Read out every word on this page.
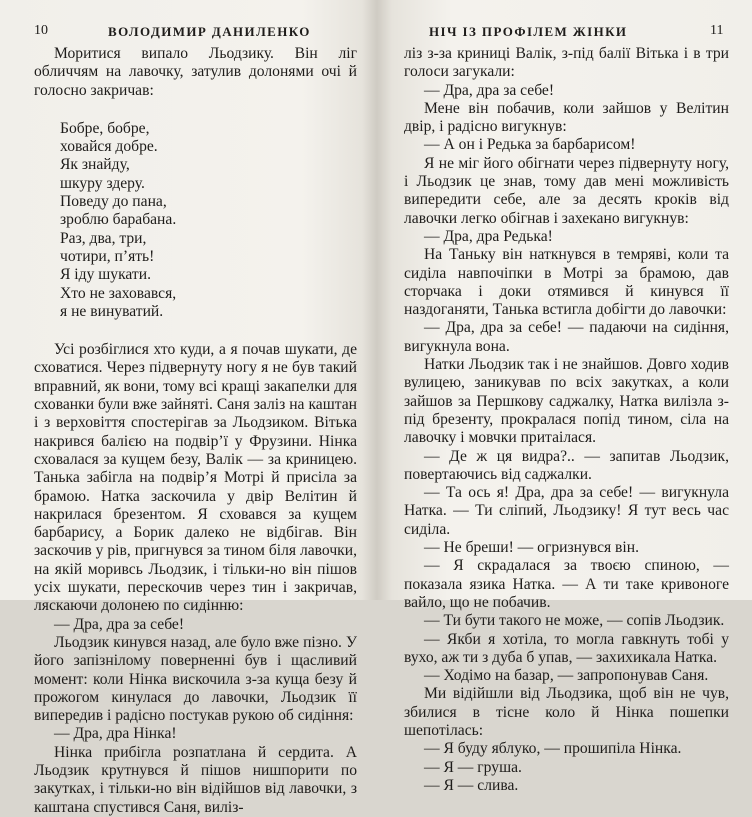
10	ВОЛОДИМИР ДАНИЛЕНКО

Моритися випало Льодзику. Він ліг обличчям на лавочку, затулив долонями очі й голосно закричав:

Бобре, бобре,
ховайся добре.
Як знайду,
шкуру здеру.
Поведу до пана,
зроблю барабана.
Раз, два, три,
чотири, п’ять!
Я іду шукати.
Хто не заховався,
я не винуватий.

Усі розбіглися хто куди, а я почав шукати, де сховатися. Через підвернуту ногу я не був такий вправний, як вони, тому всі кращі закапелки для схованки були вже зайняті. Саня заліз на каштан і з верховіття спостерігав за Льодзиком. Вітька накрився балією на подвір’ї у Фрузини. Нінка сховалася за кущем безу, Валік — за криницею. Танька забігла на подвір’я Мотрі й присіла за брамою. Натка заскочила у двір Велітин й накрилася брезентом. Я сховався за кущем барбарису, а Борик далеко не відбігав. Він заскочив у рів, пригнувся за тином біля лавочки, на якій моривсь Льодзик, і тільки-но він пішов усіх шукати, перескочив через тин і закричав, ляскаючи долонею по сидінню:

— Дра, дра за себе!

Льодзик кинувся назад, але було вже пізно. У його запізнілому поверненні був і щасливий момент: коли Нінка вискочила з-за куща безу й прожогом кинулася до лавочки, Льодзик її випередив і радісно постукав рукою об сидіння:

— Дра, дра Нінка!

Нінка прибігла розпатлана й сердита. А Льодзик крутнувся й пішов нишпорити по закутках, і тільки-но він відійшов від лавочки, з каштана спустився Саня, виліз-

НІЧ ІЗ ПРОФІЛЕМ ЖІНКИ	11

ліз з-за криниці Валік, з-під балії Вітька і в три голоси загукали:

— Дра, дра за себе!

Мене він побачив, коли зайшов у Велітин двір, і радісно вигукнув:

— А он і Редька за барбарисом!

Я не міг його обігнати через підвернуту ногу, і Льодзик це знав, тому дав мені можливість випередити себе, але за десять кроків від лавочки легко обігнав і захекано вигукнув:

— Дра, дра Редька!

На Таньку він наткнувся в темряві, коли та сиділа навпочіпки в Мотрі за брамою, дав сторчака і доки отямився й кинувся її наздоганяти, Танька встигла добігти до лавочки:

— Дра, дра за себе! — падаючи на сидіння, вигукнула вона.

Натки Льодзик так і не знайшов. Довго ходив вулицею, заникував по всіх закутках, а коли зайшов за Першкову саджалку, Натка вилізла з-під брезенту, прокралася попід тином, сіла на лавочку і мовчки притаілася.

— Де ж ця видра?.. — запитав Льодзик, повертаючись від саджалки.

— Та ось я! Дра, дра за себе! — вигукнула Натка. — Ти сліпий, Льодзику! Я тут весь час сиділа.

— Не бреши! — огризнувся він.

— Я скрадалася за твоєю спиною, — показала язика Натка. — А ти таке кривоноге вайло, що не побачив.

— Ти бути такого не може, — сопів Льодзик.

— Якби я хотіла, то могла гавкнуть тобі у вухо, аж ти з дуба б упав, — захихикала Натка.

— Ходімо на базар, — запропонував Саня.

Ми відійшли від Льодзика, щоб він не чув, збилися в тісне коло й Нінка пошепки шепотілась:

— Я буду яблуко, — прошипіла Нінка.

— Я — груша.

— Я — слива.
